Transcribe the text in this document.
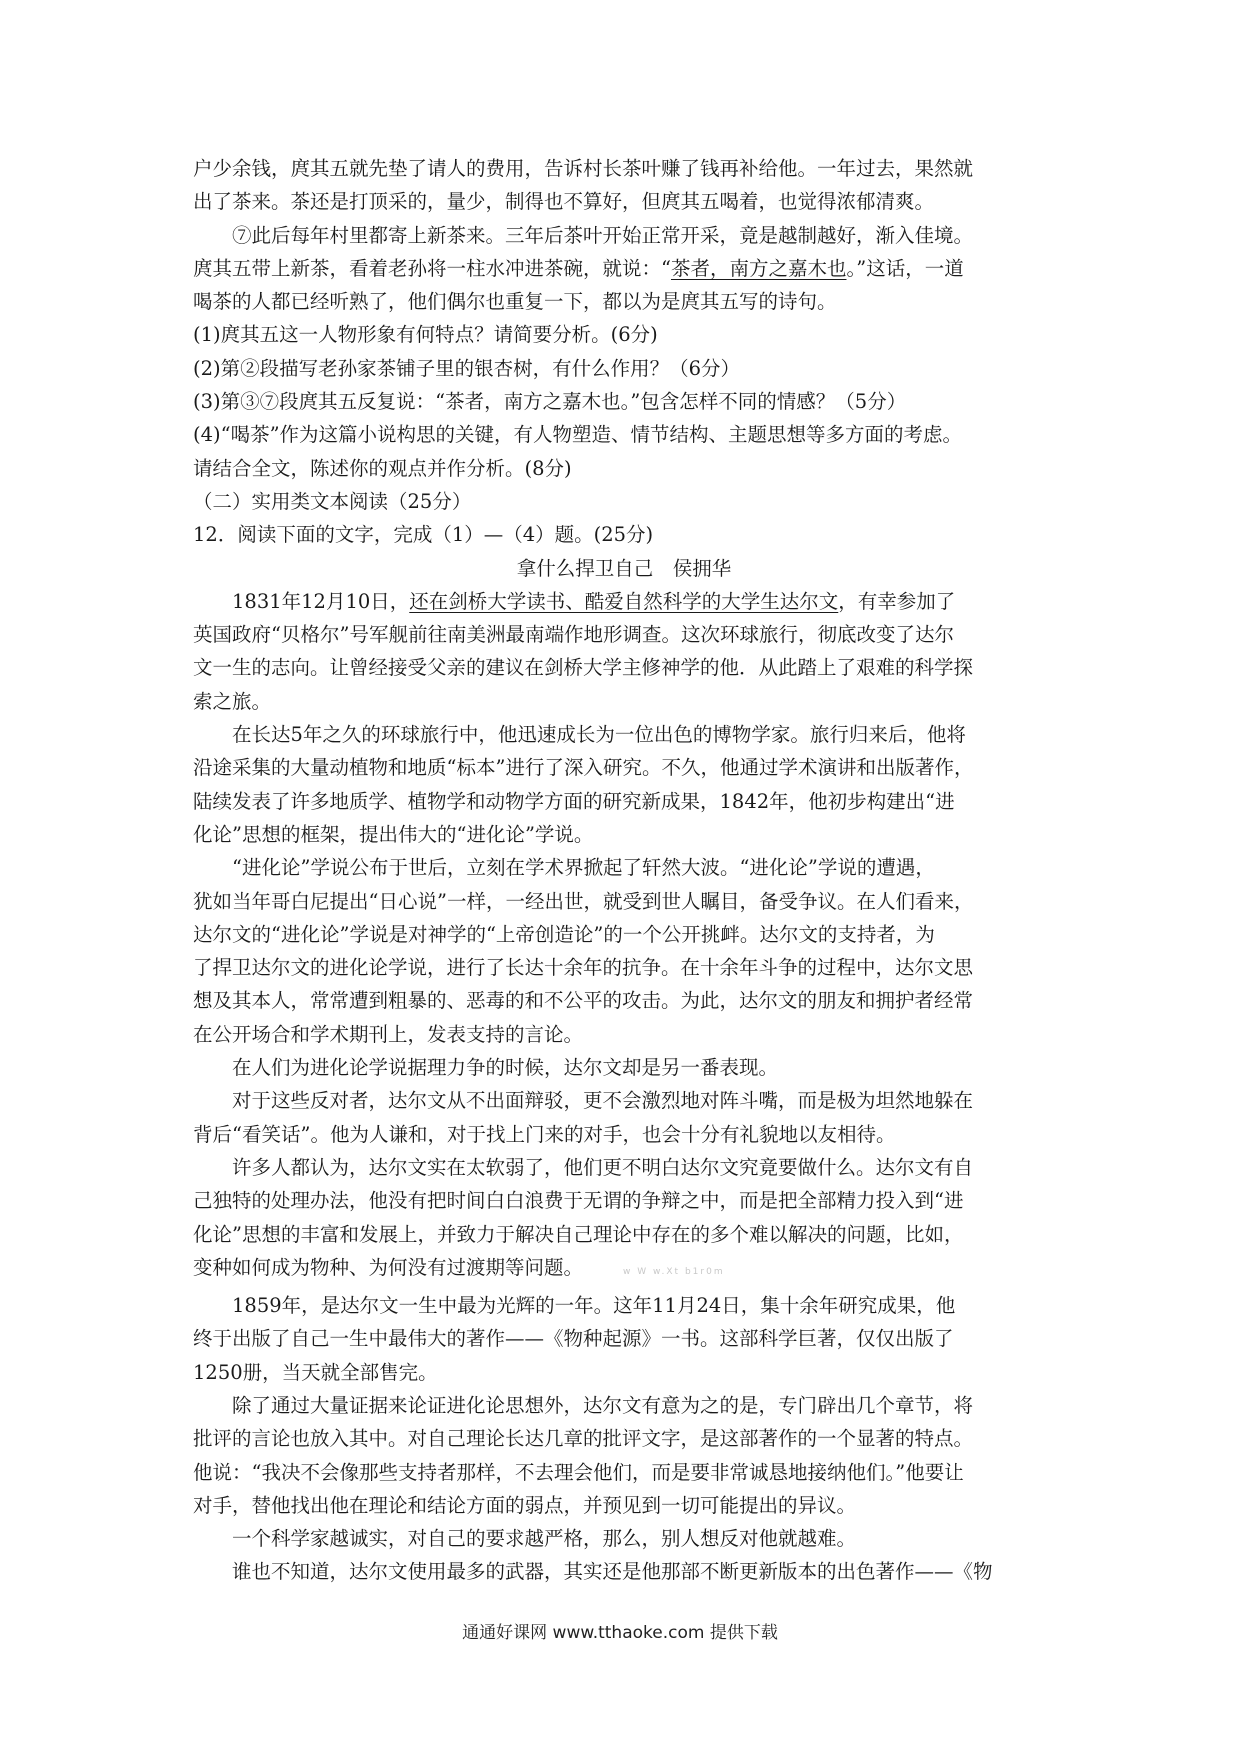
户少余钱，庹其五就先垫了请人的费用，告诉村长茶叶赚了钱再补给他。一年过去，果然就
出了茶来。茶还是打顶采的，量少，制得也不算好，但庹其五喝着，也觉得浓郁清爽。
⑦此后每年村里都寄上新茶来。三年后茶叶开始正常开采，竟是越制越好，渐入佳境。
庹其五带上新茶，看着老孙将一柱水冲进茶碗，就说：“茶者，南方之嘉木也。”这话，一道
喝茶的人都已经听熟了，他们偶尔也重复一下，都以为是庹其五写的诗句。
(1)庹其五这一人物形象有何特点？请简要分析。(6分)
(2)第②段描写老孙家茶铺子里的银杏树，有什么作用？（6分）
(3)第③⑦段庹其五反复说：“茶者，南方之嘉木也。”包含怎样不同的情感？（5分）
(4)“喝茶”作为这篇小说构思的关键，有人物塑造、情节结构、主题思想等多方面的考虑。
请结合全文，陈述你的观点并作分析。(8分)
（二）实用类文本阅读（25分）
12．阅读下面的文字，完成（1）—（4）题。(25分)
拿什么捍卫自己　侯拥华
1831年12月10日，还在剑桥大学读书、酷爱自然科学的大学生达尔文，有幸参加了
英国政府“贝格尔”号军舰前往南美洲最南端作地形调查。这次环球旅行，彻底改变了达尔
文一生的志向。让曾经接受父亲的建议在剑桥大学主修神学的他．从此踏上了艰难的科学探
索之旅。
在长达5年之久的环球旅行中，他迅速成长为一位出色的博物学家。旅行归来后，他将
沿途采集的大量动植物和地质“标本”进行了深入研究。不久，他通过学术演讲和出版著作，
陆续发表了许多地质学、植物学和动物学方面的研究新成果，1842年，他初步构建出“进
化论”思想的框架，提出伟大的“进化论”学说。
“进化论”学说公布于世后，立刻在学术界掀起了轩然大波。“进化论”学说的遭遇，
犹如当年哥白尼提出“日心说”一样，一经出世，就受到世人瞩目，备受争议。在人们看来，
达尔文的“进化论”学说是对神学的“上帝创造论”的一个公开挑衅。达尔文的支持者，为
了捍卫达尔文的进化论学说，进行了长达十余年的抗争。在十余年斗争的过程中，达尔文思
想及其本人，常常遭到粗暴的、恶毒的和不公平的攻击。为此，达尔文的朋友和拥护者经常
在公开场合和学术期刊上，发表支持的言论。
在人们为进化论学说据理力争的时候，达尔文却是另一番表现。
对于这些反对者，达尔文从不出面辩驳，更不会激烈地对阵斗嘴，而是极为坦然地躲在
背后“看笑话”。他为人谦和，对于找上门来的对手，也会十分有礼貌地以友相待。
许多人都认为，达尔文实在太软弱了，他们更不明白达尔文究竟要做什么。达尔文有自
己独特的处理办法，他没有把时间白白浪费于无谓的争辩之中，而是把全部精力投入到“进
化论”思想的丰富和发展上，并致力于解决自己理论中存在的多个难以解决的问题，比如，
变种如何成为物种、为何没有过渡期等问题。	w W w.Xt b1r0m
1859年，是达尔文一生中最为光辉的一年。这年11月24日，集十余年研究成果，他
终于出版了自己一生中最伟大的著作——《物种起源》一书。这部科学巨著，仅仅出版了
1250册，当天就全部售完。
除了通过大量证据来论证进化论思想外，达尔文有意为之的是，专门辟出几个章节，将
批评的言论也放入其中。对自己理论长达几章的批评文字，是这部著作的一个显著的特点。
他说：“我决不会像那些支持者那样，不去理会他们，而是要非常诚恳地接纳他们。”他要让
对手，替他找出他在理论和结论方面的弱点，并预见到一切可能提出的异议。
一个科学家越诚实，对自己的要求越严格，那么，别人想反对他就越难。
谁也不知道，达尔文使用最多的武器，其实还是他那部不断更新版本的出色著作——《物
通通好课网 www.tthaoke.com 提供下载
